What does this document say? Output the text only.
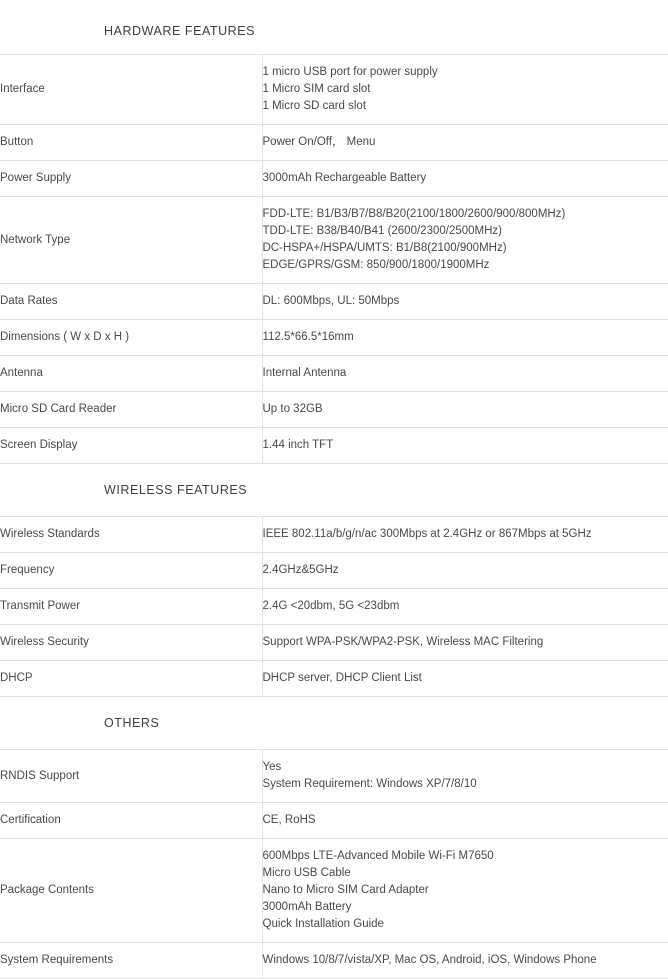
HARDWARE FEATURES
Interface	1 micro USB port for power supply
1 Micro SIM card slot
1 Micro SD card slot

Button	Power On/Off， Menu

Power Supply	3000mAh Rechargeable Battery

Network Type	FDD-LTE: B1/B3/B7/B8/B20(2100/1800/2600/900/800MHz)
TDD-LTE: B38/B40/B41 (2600/2300/2500MHz)
DC-HSPA+/HSPA/UMTS: B1/B8(2100/900MHz)
EDGE/GPRS/GSM: 850/900/1800/1900MHz

Data Rates	DL: 600Mbps, UL: 50Mbps

Dimensions ( W x D x H )	112.5*66.5*16mm

Antenna	Internal Antenna

Micro SD Card Reader	Up to 32GB

Screen Display	1.44 inch TFT
WIRELESS FEATURES
Wireless Standards	IEEE 802.11a/b/g/n/ac 300Mbps at 2.4GHz or 867Mbps at 5GHz

Frequency	2.4GHz&5GHz

Transmit Power	2.4G <20dbm, 5G <23dbm

Wireless Security	Support WPA-PSK/WPA2-PSK, Wireless MAC Filtering

DHCP	DHCP server, DHCP Client List
OTHERS
RNDIS Support	Yes
System Requirement: Windows XP/7/8/10

Certification	CE, RoHS

Package Contents	600Mbps LTE-Advanced Mobile Wi-Fi M7650
Micro USB Cable
Nano to Micro SIM Card Adapter
3000mAh Battery
Quick Installation Guide

System Requirements	Windows 10/8/7/vista/XP, Mac OS, Android, iOS, Windows Phone
